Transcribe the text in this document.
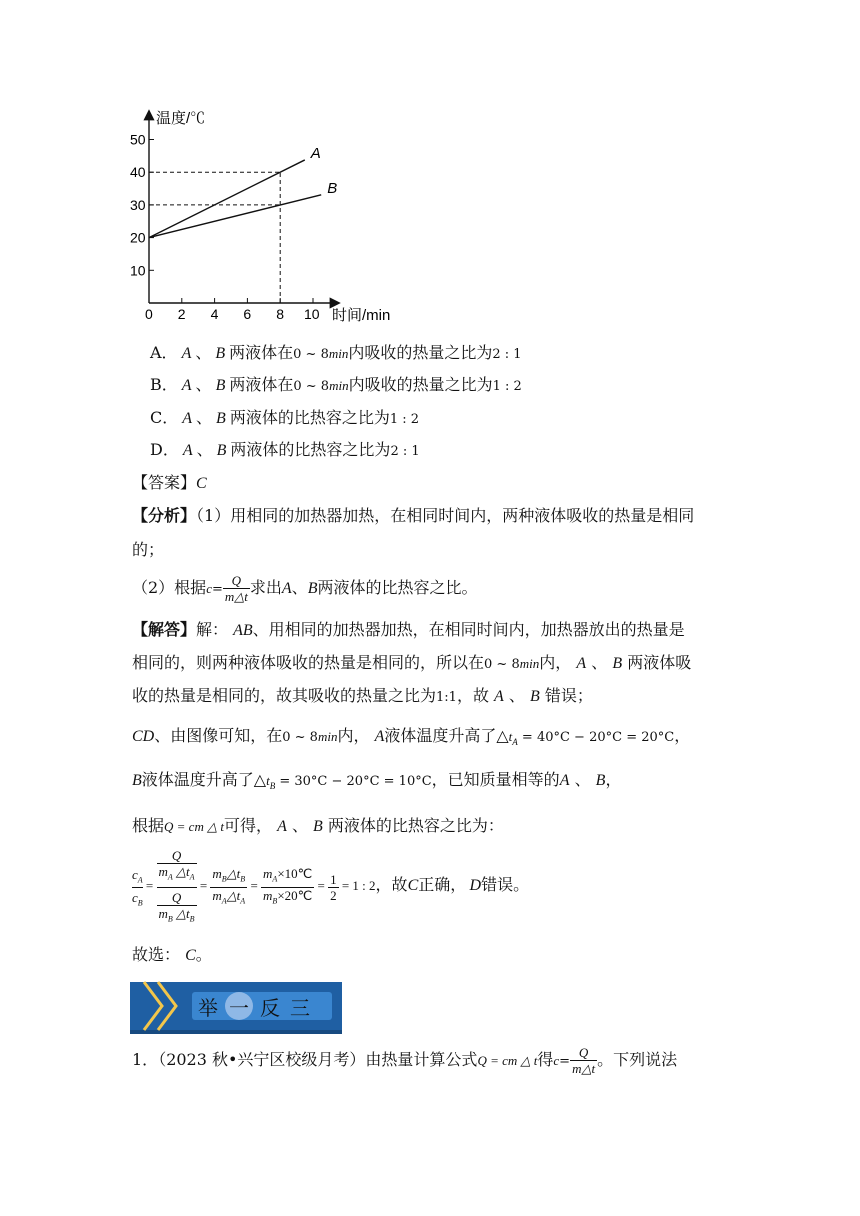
A
B
温度/℃
时间/min
0 2 4 6 8 10
10
20
30
40
50
A． A 、 B 两液体在0 ~ 8min内吸收的热量之比为2 : 1
B． A 、 B 两液体在0 ~ 8min内吸收的热量之比为1 : 2
C． A 、 B 两液体的比热容之比为1 : 2
D． A 、 B 两液体的比热容之比为2 : 1
【答案】C
【分析】（1）用相同的加热器加热，在相同时间内，两种液体吸收的热量是相同
的；
（2）根据$c= \frac{Q}{m\triangle t}$ 求出A、B两液体的比热容之比。
【解答】解： AB、用相同的加热器加热，在相同时间内，加热器放出的热量是
相同的，则两种液体吸收的热量是相同的，所以在0 ~ 8min内， A 、 B 两液体吸
收的热量是相同的，故其吸收的热量之比为1:1，故 A 、 B 错误；
CD、由图像可知，在0 ~ 8min内， A液体温度升高了$\triangle t_A = 40^\circ C - 20^\circ C = 20^\circ C$，
B液体温度升高了$\triangle t_B = 30^\circ C - 20^\circ C = 10^\circ C$，已知质量相等的A 、 B，
根据Q = cm △ t可得， A 、 B 两液体的比热容之比为：
$\frac{c_A}{c_B} = \frac{\frac{Q}{m_A \triangle t_A}}{\frac{Q}{m_B \triangle t_B}} = \frac{m_B\triangle t_B}{m_A\triangle t_A} = \frac{m_A\times 10℃}{m_B\times 20℃} = \frac{1}{2} = 1$ : 2，故C正确， D错误。
故选： C。
举 一 反 三
1．（2023 秋•兴宁区校级月考）由热量计算公式Q = cm △ t得$c= \frac{Q}{m\triangle t}$ 。下列说法
